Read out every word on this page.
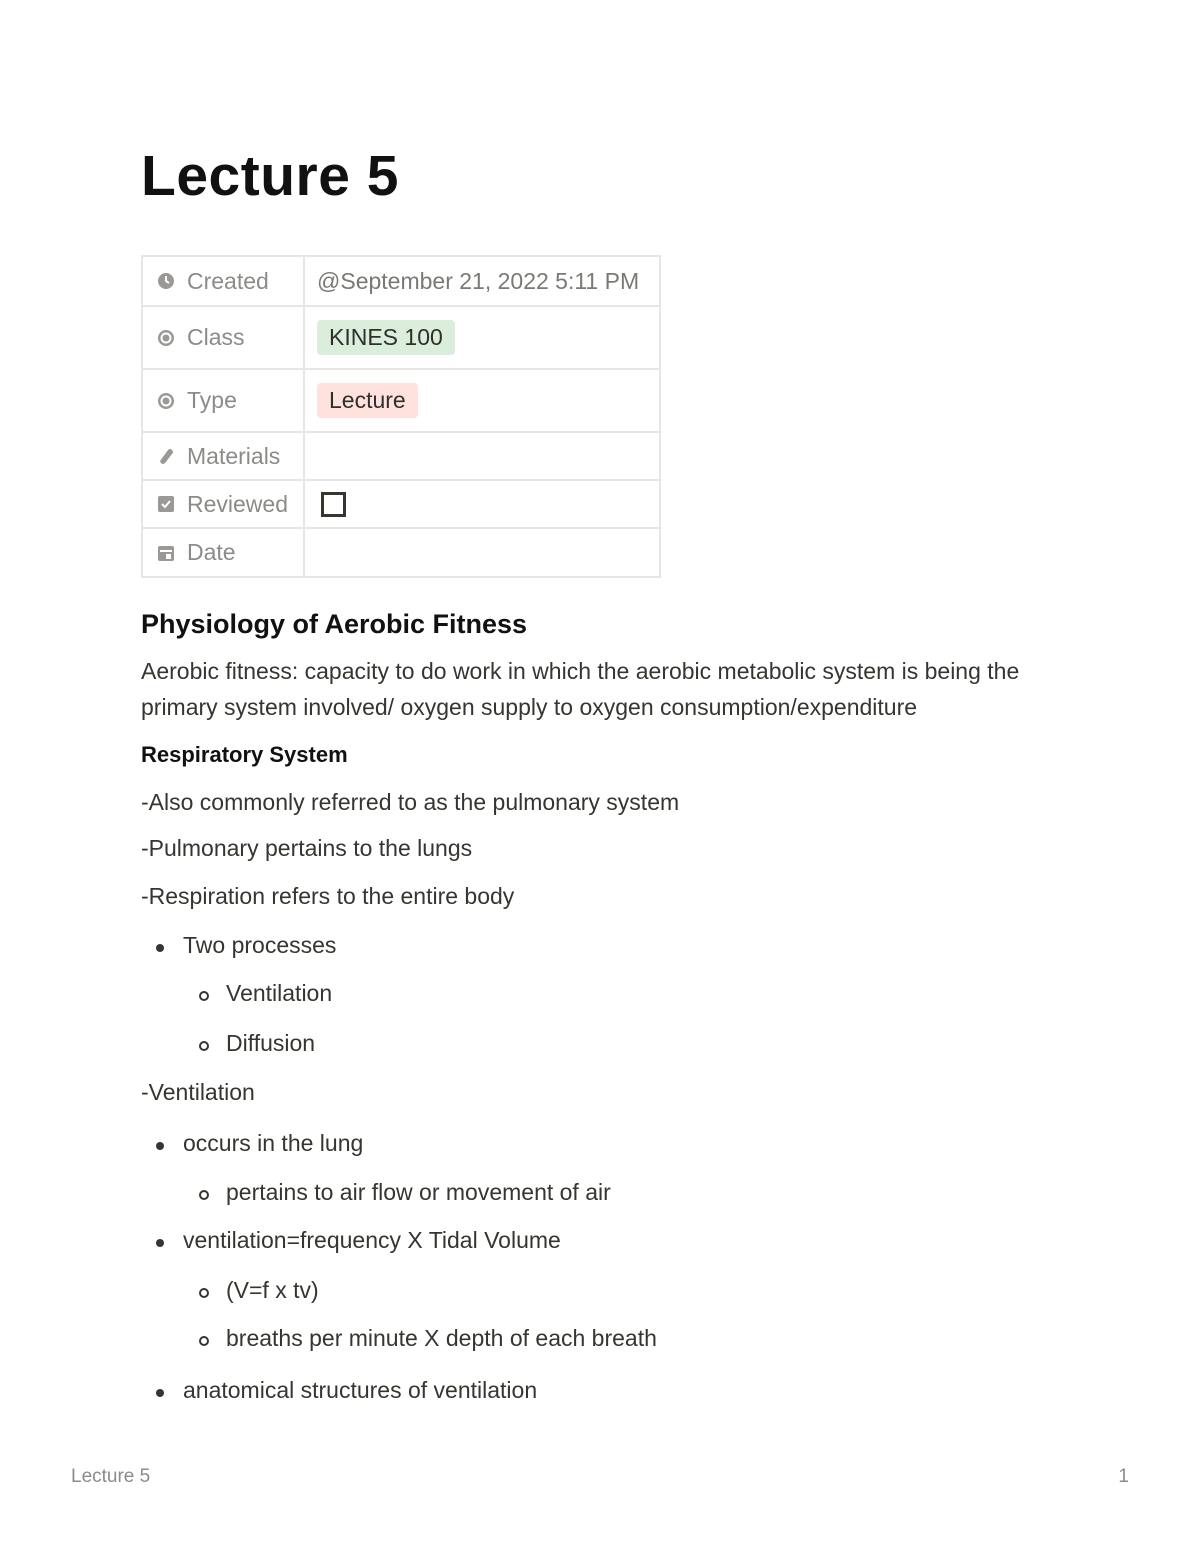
Lecture 5
Created	@September 21, 2022 5:11 PM

Class	KINES 100

Type	Lecture

Materials	

Reviewed	

Date	

Physiology of Aerobic Fitness

Aerobic fitness: capacity to do work in which the aerobic metabolic system is being the primary system involved/ oxygen supply to oxygen consumption/expenditure

Respiratory System

-Also commonly referred to as the pulmonary system

-Pulmonary pertains to the lungs

-Respiration refers to the entire body

Two processes
Ventilation
Diffusion

-Ventilation

occurs in the lung
pertains to air flow or movement of air
ventilation=frequency X Tidal Volume
(V=f x tv)
breaths per minute X depth of each breath
anatomical structures of ventilation
Lecture 5	1
